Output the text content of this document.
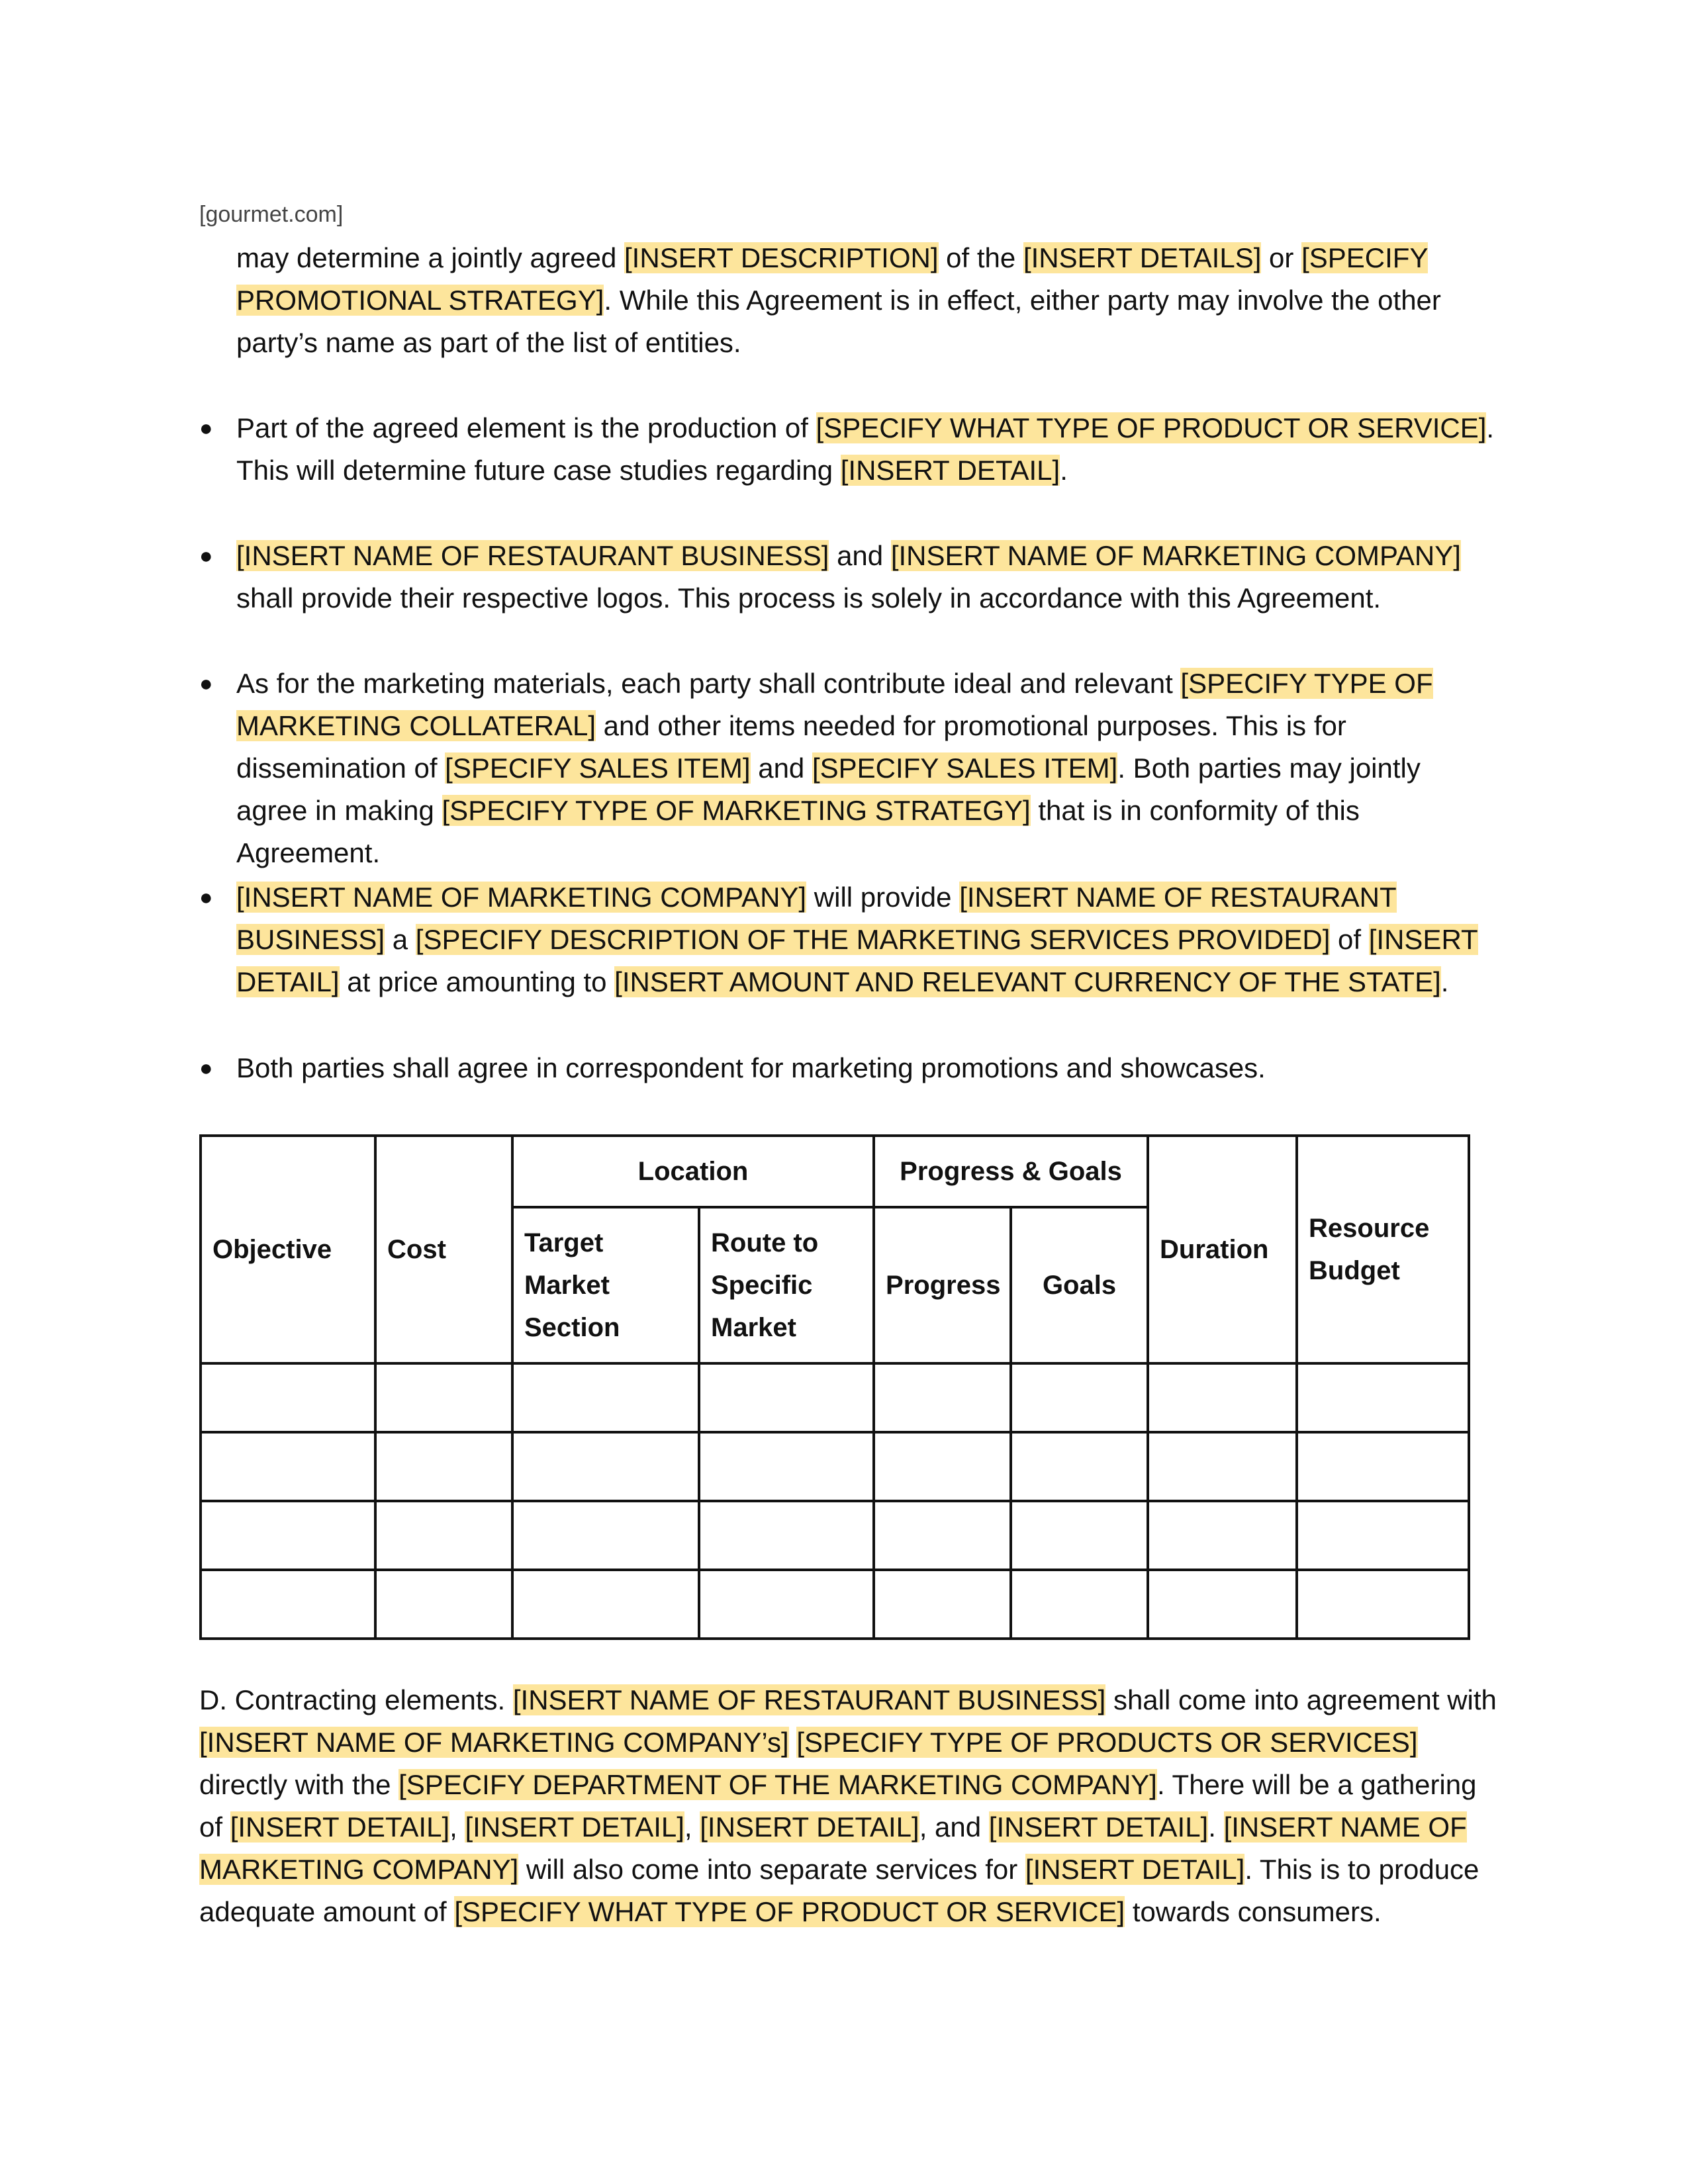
[gourmet.com]

may determine a jointly agreed [INSERT DESCRIPTION] of the [INSERT DETAILS] or [SPECIFY PROMOTIONAL STRATEGY]. While this Agreement is in effect, either party may involve the other party’s name as part of the list of entities.

● Part of the agreed element is the production of [SPECIFY WHAT TYPE OF PRODUCT OR SERVICE]. This will determine future case studies regarding [INSERT DETAIL].

● [INSERT NAME OF RESTAURANT BUSINESS] and [INSERT NAME OF MARKETING COMPANY] shall provide their respective logos. This process is solely in accordance with this Agreement.

● As for the marketing materials, each party shall contribute ideal and relevant [SPECIFY TYPE OF MARKETING COLLATERAL] and other items needed for promotional purposes. This is for dissemination of [SPECIFY SALES ITEM] and [SPECIFY SALES ITEM]. Both parties may jointly agree in making [SPECIFY TYPE OF MARKETING STRATEGY] that is in conformity of this Agreement.

● [INSERT NAME OF MARKETING COMPANY] will provide [INSERT NAME OF RESTAURANT BUSINESS] a [SPECIFY DESCRIPTION OF THE MARKETING SERVICES PROVIDED] of [INSERT DETAIL] at price amounting to [INSERT AMOUNT AND RELEVANT CURRENCY OF THE STATE].

● Both parties shall agree in correspondent for marketing promotions and showcases.

Objective	Cost	Location		Progress & Goals		Duration	Resource Budget
		Target Market Section	Route to Specific Market	Progress	Goals		

D. Contracting elements. [INSERT NAME OF RESTAURANT BUSINESS] shall come into agreement with [INSERT NAME OF MARKETING COMPANY’s] [SPECIFY TYPE OF PRODUCTS OR SERVICES] directly with the [SPECIFY DEPARTMENT OF THE MARKETING COMPANY]. There will be a gathering of [INSERT DETAIL], [INSERT DETAIL], [INSERT DETAIL], and [INSERT DETAIL]. [INSERT NAME OF MARKETING COMPANY] will also come into separate services for [INSERT DETAIL]. This is to produce adequate amount of [SPECIFY WHAT TYPE OF PRODUCT OR SERVICE] towards consumers.
